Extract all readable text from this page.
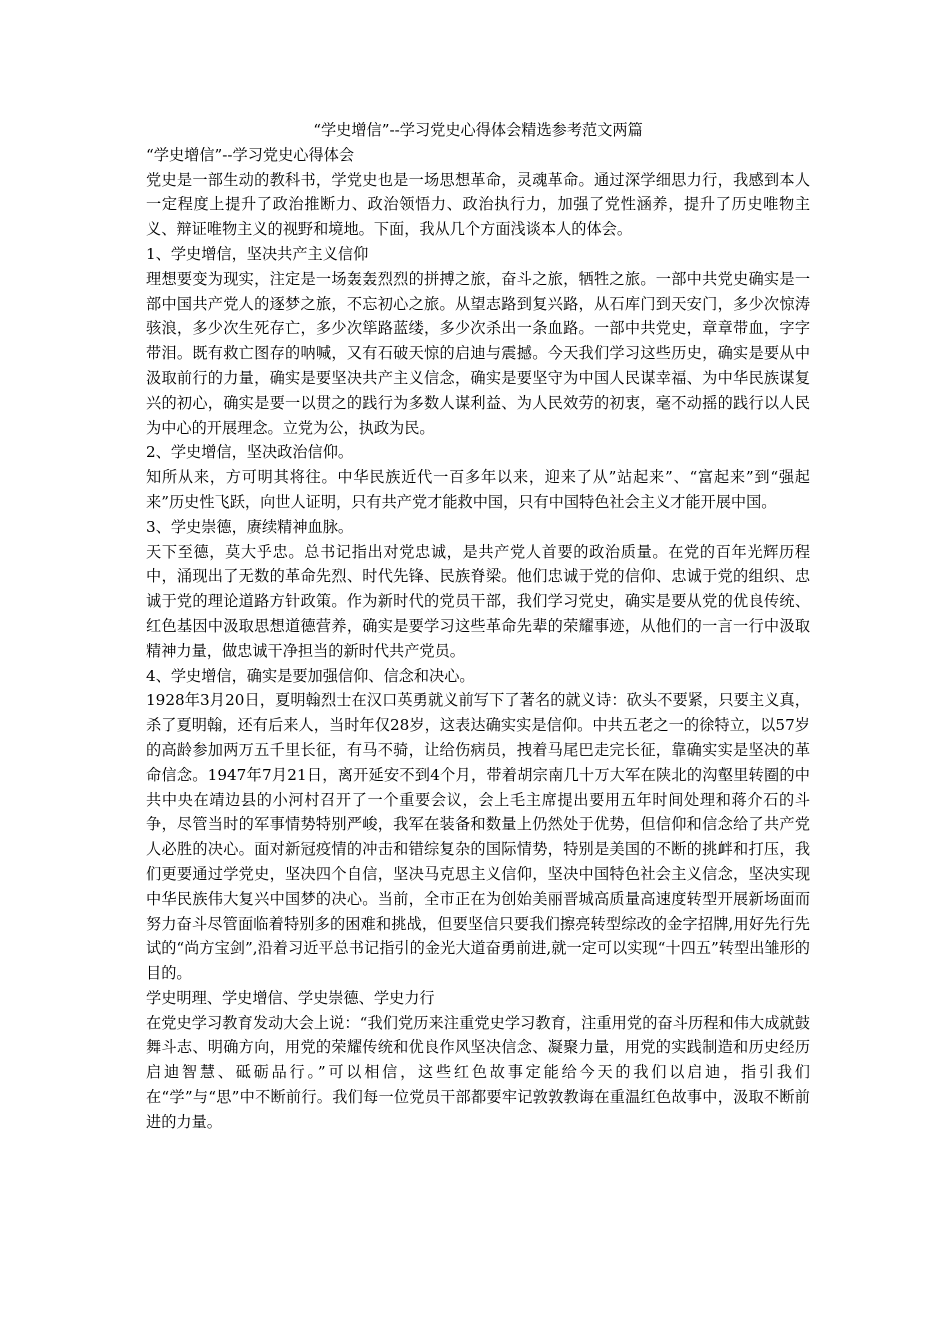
“学史增信”--学习党史心得体会精选参考范文两篇

“学史增信”--学习党史心得体会

党史是一部生动的教科书，学党史也是一场思想革命，灵魂革命。通过深学细思力行，我感到本人一定程度上提升了政治推断力、政治领悟力、政治执行力，加强了党性涵养，提升了历史唯物主义、辩证唯物主义的视野和境地。下面，我从几个方面浅谈本人的体会。

1、学史增信，坚决共产主义信仰

理想要变为现实，注定是一场轰轰烈烈的拼搏之旅，奋斗之旅，牺牲之旅。一部中共党史确实是一部中国共产党人的逐梦之旅，不忘初心之旅。从望志路到复兴路，从石库门到天安门，多少次惊涛骇浪，多少次生死存亡，多少次筚路蓝缕，多少次杀出一条血路。一部中共党史，章章带血，字字带泪。既有救亡图存的呐喊，又有石破天惊的启迪与震撼。今天我们学习这些历史，确实是要从中汲取前行的力量，确实是要坚决共产主义信念，确实是要坚守为中国人民谋幸福、为中华民族谋复兴的初心，确实是要一以贯之的践行为多数人谋利益、为人民效劳的初衷，毫不动摇的践行以人民为中心的开展理念。立党为公，执政为民。

2、学史增信，坚决政治信仰。

知所从来，方可明其将往。中华民族近代一百多年以来，迎来了从”站起来”、“富起来”到“强起来”历史性飞跃，向世人证明，只有共产党才能救中国，只有中国特色社会主义才能开展中国。

3、学史崇德，赓续精神血脉。

天下至德，莫大乎忠。总书记指出对党忠诚，是共产党人首要的政治质量。在党的百年光辉历程中，涌现出了无数的革命先烈、时代先锋、民族脊梁。他们忠诚于党的信仰、忠诚于党的组织、忠诚于党的理论道路方针政策。作为新时代的党员干部，我们学习党史，确实是要从党的优良传统、红色基因中汲取思想道德营养，确实是要学习这些革命先辈的荣耀事迹，从他们的一言一行中汲取精神力量，做忠诚干净担当的新时代共产党员。

4、学史增信，确实是要加强信仰、信念和决心。

1928年3月20日，夏明翰烈士在汉口英勇就义前写下了著名的就义诗：砍头不要紧，只要主义真，杀了夏明翰，还有后来人，当时年仅28岁，这表达确实实是信仰。中共五老之一的徐特立，以57岁的高龄参加两万五千里长征，有马不骑，让给伤病员，拽着马尾巴走完长征，靠确实实是坚决的革命信念。1947年7月21日，离开延安不到4个月，带着胡宗南几十万大军在陕北的沟壑里转圈的中共中央在靖边县的小河村召开了一个重要会议，会上毛主席提出要用五年时间处理和蒋介石的斗争，尽管当时的军事情势特别严峻，我军在装备和数量上仍然处于优势，但信仰和信念给了共产党人必胜的决心。面对新冠疫情的冲击和错综复杂的国际情势，特别是美国的不断的挑衅和打压，我们更要通过学党史，坚决四个自信，坚决马克思主义信仰，坚决中国特色社会主义信念，坚决实现中华民族伟大复兴中国梦的决心。当前，全市正在为创始美丽晋城高质量高速度转型开展新场面而努力奋斗尽管面临着特别多的困难和挑战，但要坚信只要我们擦亮转型综改的金字招牌,用好先行先试的“尚方宝剑”,沿着习近平总书记指引的金光大道奋勇前进,就一定可以实现“十四五”转型出雏形的目的。

学史明理、学史增信、学史崇德、学史力行

在党史学习教育发动大会上说：“我们党历来注重党史学习教育，注重用党的奋斗历程和伟大成就鼓舞斗志、明确方向，用党的荣耀传统和优良作风坚决信念、凝聚力量，用党的实践制造和历史经历启迪智慧、砥砺品行。”可以相信，这些红色故事定能给今天的我们以启迪，指引我们在“学”与“思”中不断前行。我们每一位党员干部都要牢记敦敦教诲在重温红色故事中，汲取不断前进的力量。
